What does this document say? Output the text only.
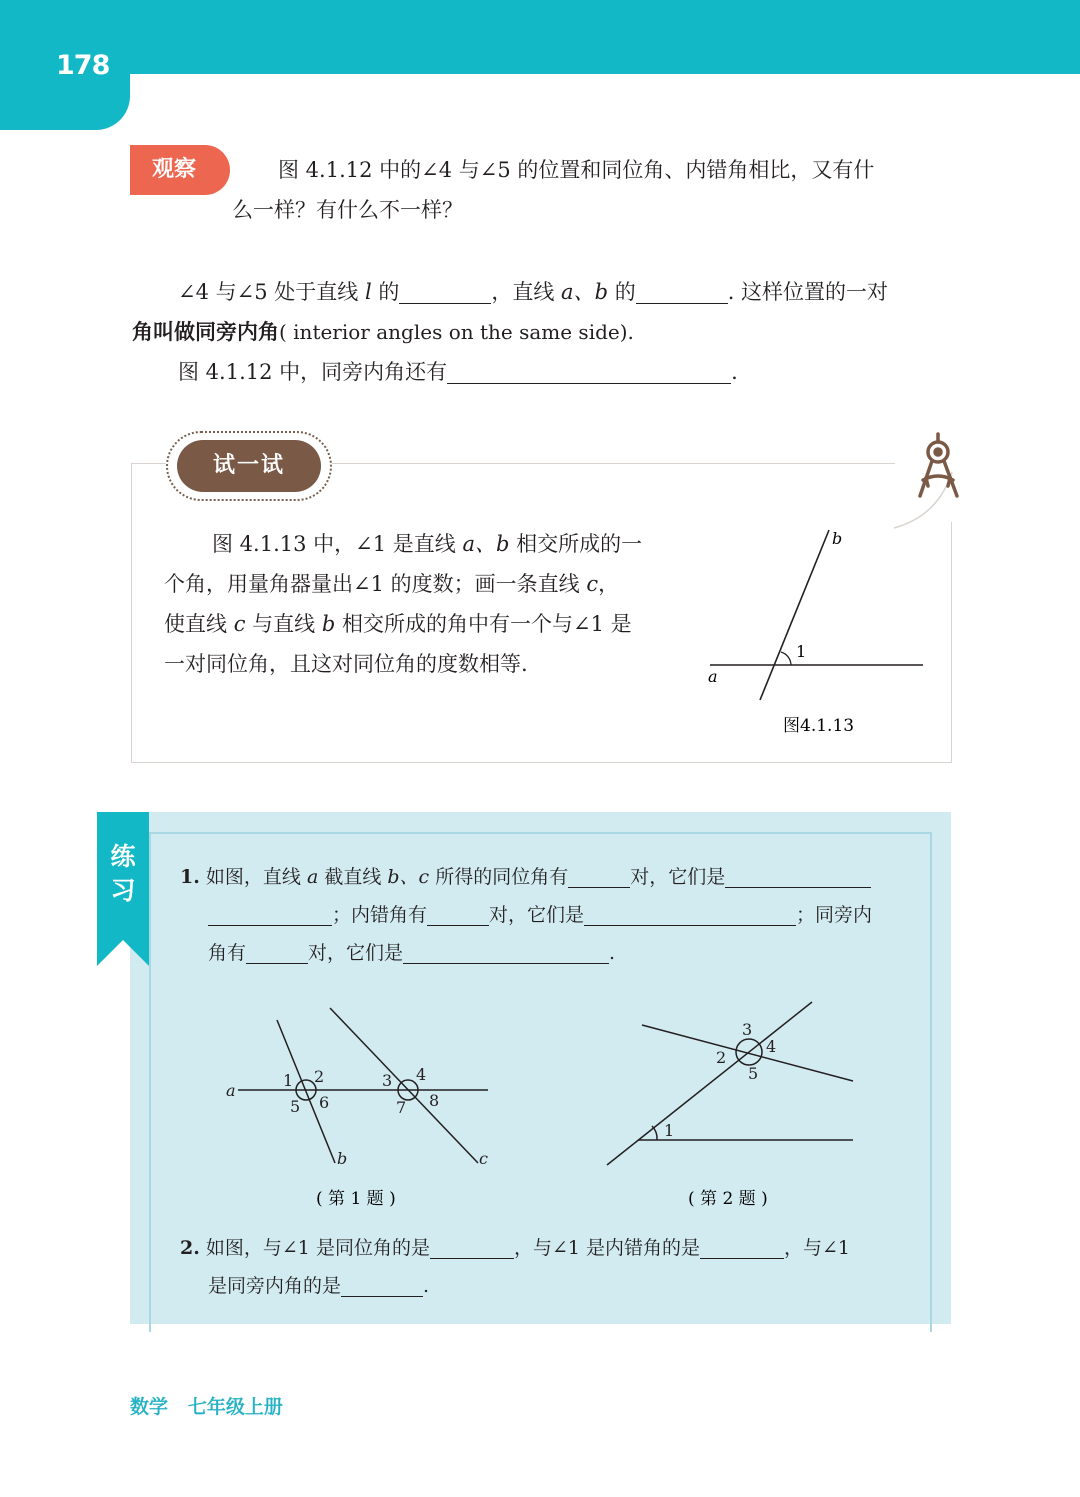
178
观察	图 4.1.12 中的∠4 与∠5 的位置和同位角、内错角相比，又有什
么一样？有什么不一样？
∠4 与∠5 处于直线 l 的	，直线 a、b 的	. 这样位置的一对
角叫做同旁内角( interior angles on the same side).
图 4.1.12 中，同旁内角还有	.
试一试
图 4.1.13 中，∠1 是直线 a、b 相交所成的一
个角，用量角器量出∠1 的度数；画一条直线 c，
使直线 c 与直线 b 相交所成的角中有一个与∠1 是
一对同位角，且这对同位角的度数相等.
b
1
a
图4.1.13
练
习	1. 如图，直线 a 截直线 b、c 所得的同位角有	对，它们是
；内错角有	对，它们是	；同旁内
角有	对，它们是	.
a
b	c
1 2
5 6
3 4
7 8
( 第 1 题 )
3
2
4
5
1
( 第 2 题 )
2. 如图，与∠1 是同位角的是	，与∠1 是内错角的是	，与∠1
是同旁内角的是	.
数学 七年级上册
